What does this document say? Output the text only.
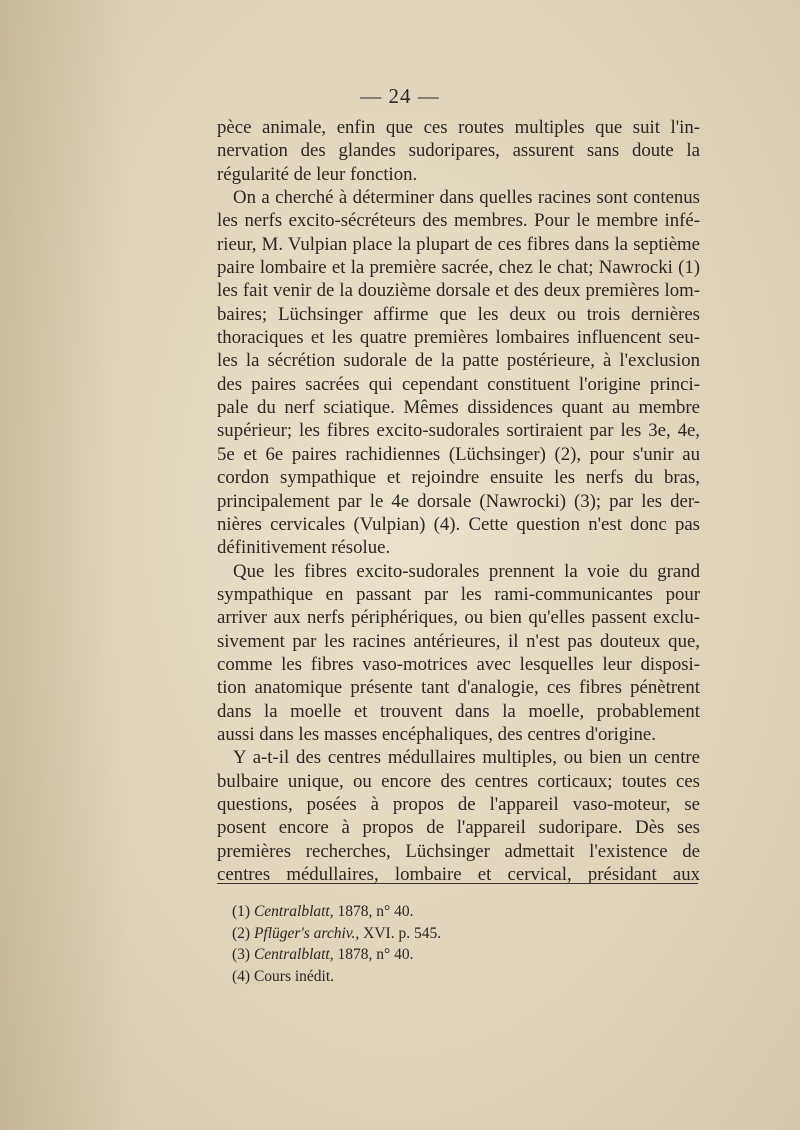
— 24 —
pèce animale, enfin que ces routes multiples que suit l'in-
nervation des glandes sudoripares, assurent sans doute la
régularité de leur fonction.
On a cherché à déterminer dans quelles racines sont contenus
les nerfs excito-sécréteurs des membres. Pour le membre infé-
rieur, M. Vulpian place la plupart de ces fibres dans la septième
paire lombaire et la première sacrée, chez le chat; Nawrocki (1)
les fait venir de la douzième dorsale et des deux premières lom-
baires; Lüchsinger affirme que les deux ou trois dernières
thoraciques et les quatre premières lombaires influencent seu-
les la sécrétion sudorale de la patte postérieure, à l'exclusion
des paires sacrées qui cependant constituent l'origine princi-
pale du nerf sciatique. Mêmes dissidences quant au membre
supérieur; les fibres excito-sudorales sortiraient par les 3e, 4e,
5e et 6e paires rachidiennes (Lüchsinger) (2), pour s'unir au
cordon sympathique et rejoindre ensuite les nerfs du bras,
principalement par le 4e dorsale (Nawrocki) (3); par les der-
nières cervicales (Vulpian) (4). Cette question n'est donc pas
définitivement résolue.
Que les fibres excito-sudorales prennent la voie du grand
sympathique en passant par les rami-communicantes pour
arriver aux nerfs périphériques, ou bien qu'elles passent exclu-
sivement par les racines antérieures, il n'est pas douteux que,
comme les fibres vaso-motrices avec lesquelles leur disposi-
tion anatomique présente tant d'analogie, ces fibres pénètrent
dans la moelle et trouvent dans la moelle, probablement
aussi dans les masses encéphaliques, des centres d'origine.
Y a-t-il des centres médullaires multiples, ou bien un centre
bulbaire unique, ou encore des centres corticaux; toutes ces
questions, posées à propos de l'appareil vaso-moteur, se
posent encore à propos de l'appareil sudoripare. Dès ses
premières recherches, Lüchsinger admettait l'existence de
centres médullaires, lombaire et cervical, présidant aux
(1) Centralblatt, 1878, n° 40.
(2) Pflüger's archiv., XVI. p. 545.
(3) Centralblatt, 1878, n° 40.
(4) Cours inédit.
